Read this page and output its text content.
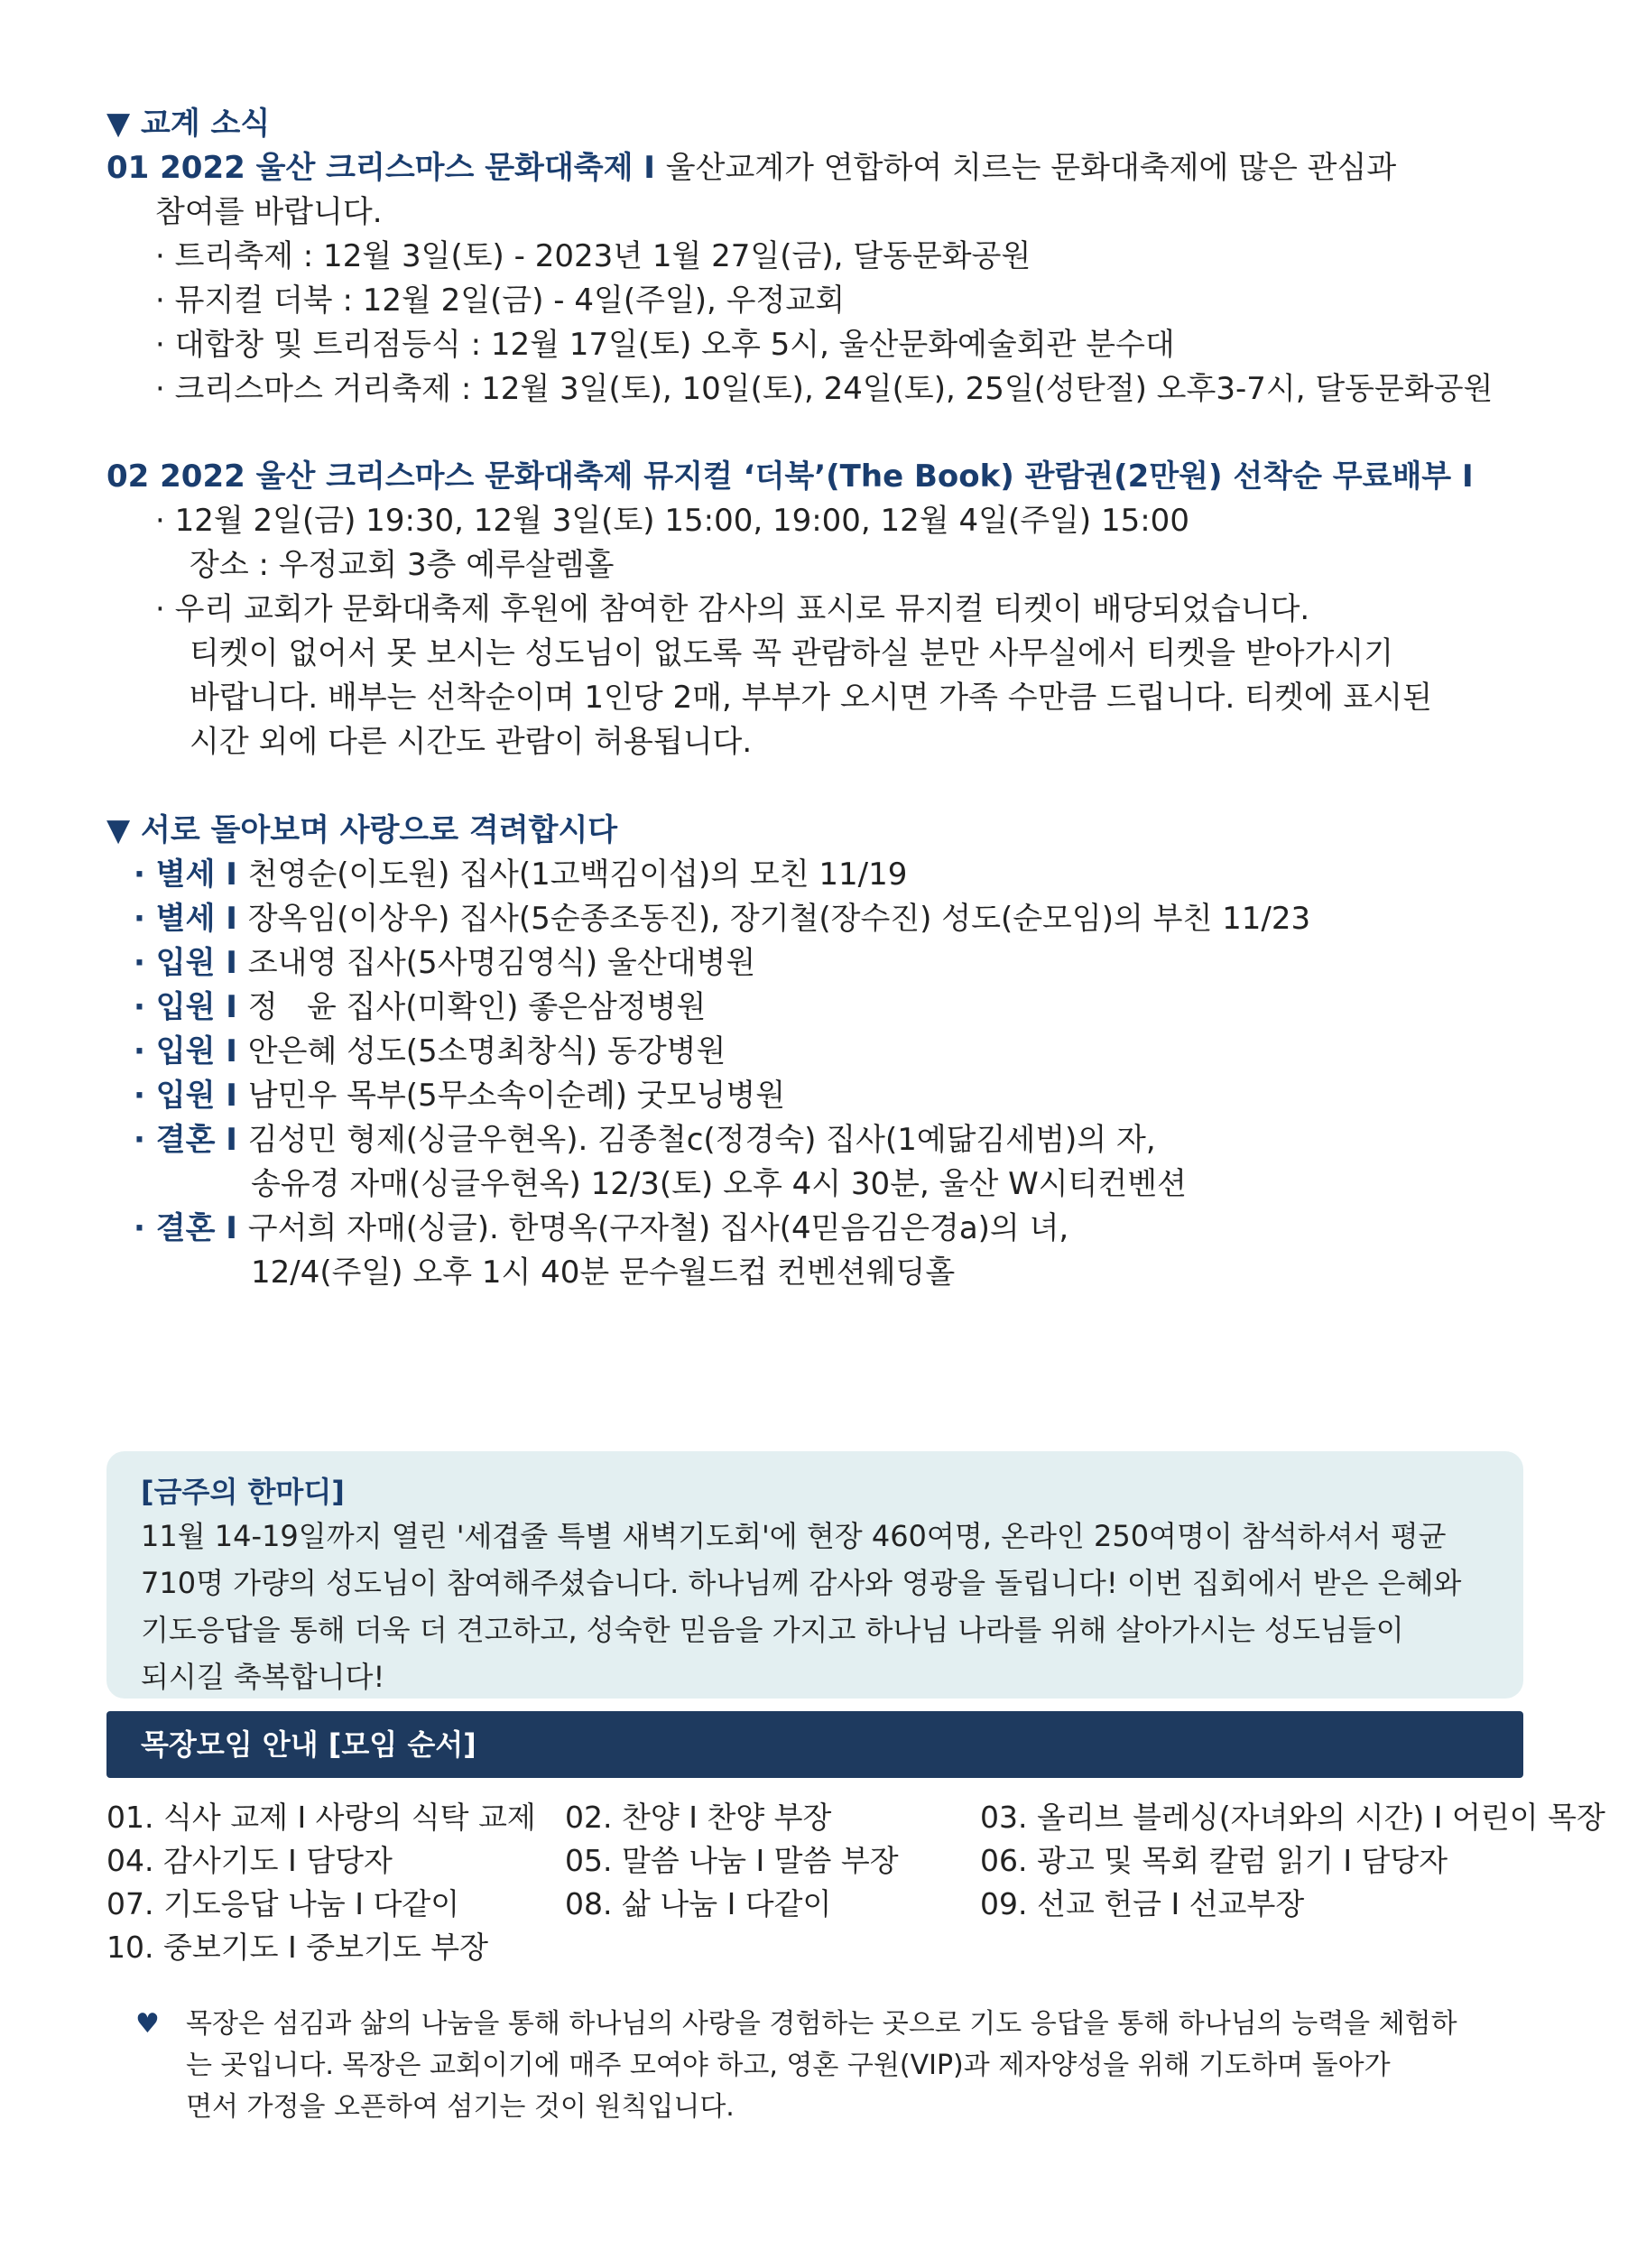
▼ 교계 소식
01 2022 울산 크리스마스 문화대축제 I 울산교계가 연합하여 치르는 문화대축제에 많은 관심과
참여를 바랍니다.
· 트리축제 : 12월 3일(토) - 2023년 1월 27일(금), 달동문화공원
· 뮤지컬 더북 : 12월 2일(금) - 4일(주일), 우정교회
· 대합창 및 트리점등식 : 12월 17일(토) 오후 5시, 울산문화예술회관 분수대
· 크리스마스 거리축제 : 12월 3일(토), 10일(토), 24일(토), 25일(성탄절) 오후3-7시, 달동문화공원
02 2022 울산 크리스마스 문화대축제 뮤지컬 ‘더북’(The Book) 관람권(2만원) 선착순 무료배부 I
· 12월 2일(금) 19:30, 12월 3일(토) 15:00, 19:00, 12월 4일(주일) 15:00
장소 : 우정교회 3층 예루살렘홀
· 우리 교회가 문화대축제 후원에 참여한 감사의 표시로 뮤지컬 티켓이 배당되었습니다.
티켓이 없어서 못 보시는 성도님이 없도록 꼭 관람하실 분만 사무실에서 티켓을 받아가시기
바랍니다. 배부는 선착순이며 1인당 2매, 부부가 오시면 가족 수만큼 드립니다. 티켓에 표시된
시간 외에 다른 시간도 관람이 허용됩니다.
▼ 서로 돌아보며 사랑으로 격려합시다
· 별세 I 천영순(이도원) 집사(1고백김이섭)의 모친 11/19
· 별세 I 장옥임(이상우) 집사(5순종조동진), 장기철(장수진) 성도(순모임)의 부친 11/23
· 입원 I 조내영 집사(5사명김영식) 울산대병원
· 입원 I 정   윤 집사(미확인) 좋은삼정병원
· 입원 I 안은혜 성도(5소명최창식) 동강병원
· 입원 I 남민우 목부(5무소속이순례) 굿모닝병원
· 결혼 I 김성민 형제(싱글우현옥). 김종철c(정경숙) 집사(1예닮김세범)의 자,
송유경 자매(싱글우현옥) 12/3(토) 오후 4시 30분, 울산 W시티컨벤션
· 결혼 I 구서희 자매(싱글). 한명옥(구자철) 집사(4믿음김은경a)의 녀,
12/4(주일) 오후 1시 40분 문수월드컵 컨벤션웨딩홀
[금주의 한마디]
11월 14-19일까지 열린 '세겹줄 특별 새벽기도회'에 현장 460여명, 온라인 250여명이 참석하셔서 평균
710명 가량의 성도님이 참여해주셨습니다. 하나님께 감사와 영광을 돌립니다! 이번 집회에서 받은 은혜와
기도응답을 통해 더욱 더 견고하고, 성숙한 믿음을 가지고 하나님 나라를 위해 살아가시는 성도님들이
되시길 축복합니다!
목장모임 안내 [모임 순서]
01. 식사 교제 I 사랑의 식탁 교제 02. 찬양 I 찬양 부장	03. 올리브 블레싱(자녀와의 시간) I 어린이 목장
04. 감사기도 I 담당자	05. 말씀 나눔 I 말씀 부장	06. 광고 및 목회 칼럼 읽기 I 담당자
07. 기도응답 나눔 I 다같이	08. 삶 나눔 I 다같이	09. 선교 헌금 I 선교부장
10. 중보기도 I 중보기도 부장
♥ 목장은 섬김과 삶의 나눔을 통해 하나님의 사랑을 경험하는 곳으로 기도 응답을 통해 하나님의 능력을 체험하
는 곳입니다. 목장은 교회이기에 매주 모여야 하고, 영혼 구원(VIP)과 제자양성을 위해 기도하며 돌아가
면서 가정을 오픈하여 섬기는 것이 원칙입니다.
